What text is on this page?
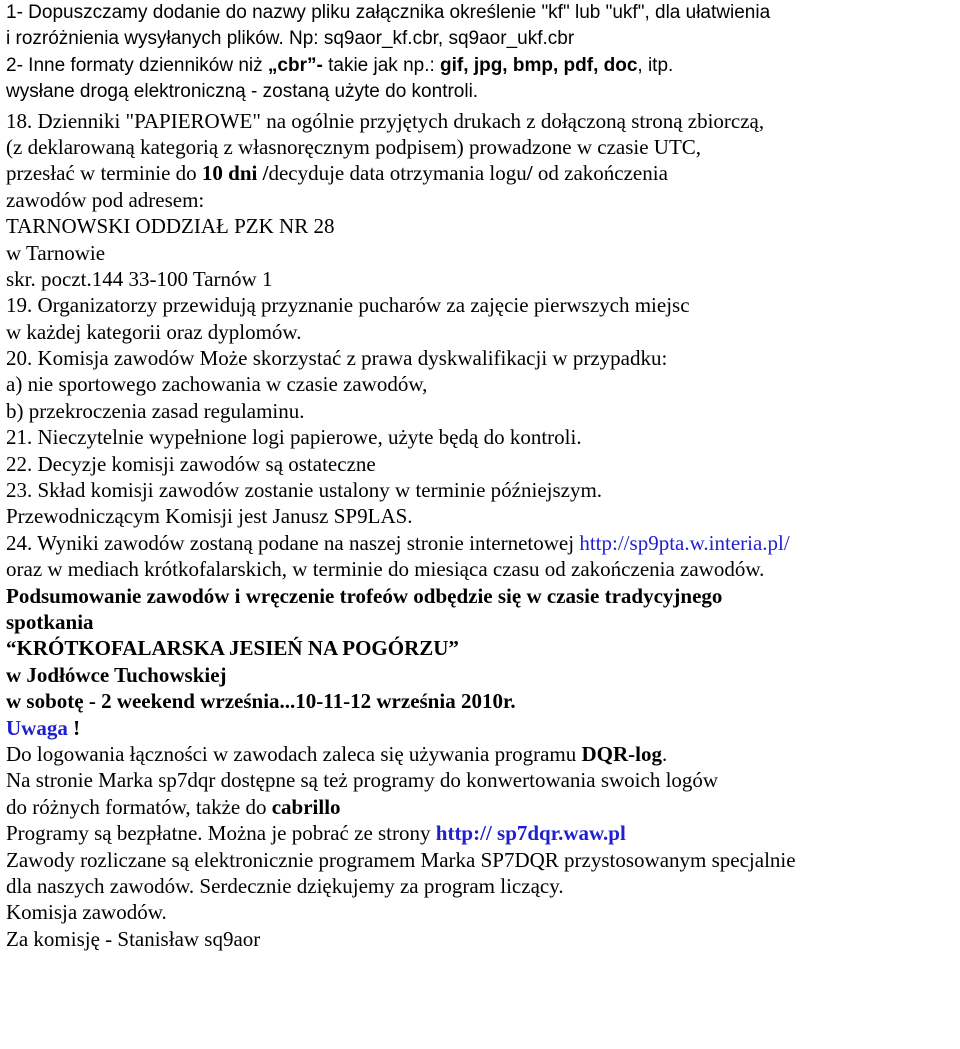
1- Dopuszczamy dodanie do nazwy pliku załącznika określenie "kf" lub "ukf", dla ułatwienia
i rozróżnienia wysyłanych plików. Np: sq9aor_kf.cbr, sq9aor_ukf.cbr
2- Inne formaty dzienników niż „cbr”- takie jak np.: gif, jpg, bmp, pdf, doc, itp.
wysłane drogą elektroniczną - zostaną użyte do kontroli.
18. Dzienniki "PAPIEROWE" na ogólnie przyjętych drukach z dołączoną stroną zbiorczą,
(z deklarowaną kategorią z własnoręcznym podpisem) prowadzone w czasie UTC,
przesłać w terminie do 10 dni /decyduje data otrzymania logu/ od zakończenia
zawodów pod adresem:
TARNOWSKI ODDZIAŁ PZK NR 28
w Tarnowie
skr. poczt.144 33-100 Tarnów 1
19. Organizatorzy przewidują przyznanie pucharów za zajęcie pierwszych miejsc
w każdej kategorii oraz dyplomów.
20. Komisja zawodów Może skorzystać z prawa dyskwalifikacji w przypadku:
a) nie sportowego zachowania w czasie zawodów,
b) przekroczenia zasad regulaminu.
21. Nieczytelnie wypełnione logi papierowe, użyte będą do kontroli.
22. Decyzje komisji zawodów są ostateczne
23. Skład komisji zawodów zostanie ustalony w terminie późniejszym.
Przewodniczącym Komisji jest Janusz SP9LAS.
24. Wyniki zawodów zostaną podane na naszej stronie internetowej http://sp9pta.w.interia.pl/
oraz w mediach krótkofalarskich, w terminie do miesiąca czasu od zakończenia zawodów.
Podsumowanie zawodów i wręczenie trofeów odbędzie się w czasie tradycyjnego
spotkania
“KRÓTKOFALARSKA JESIEŃ NA POGÓRZU”
w Jodłówce Tuchowskiej
w sobotę - 2 weekend września...10-11-12 września 2010r.
Uwaga !
Do logowania łączności w zawodach zaleca się używania programu DQR-log.
Na stronie Marka sp7dqr dostępne są też programy do konwertowania swoich logów
do różnych formatów, także do cabrillo
Programy są bezpłatne. Można je pobrać ze strony http:// sp7dqr.waw.pl
Zawody rozliczane są elektronicznie programem Marka SP7DQR przystosowanym specjalnie
dla naszych zawodów. Serdecznie dziękujemy za program liczący.
Komisja zawodów.
Za komisję - Stanisław sq9aor
